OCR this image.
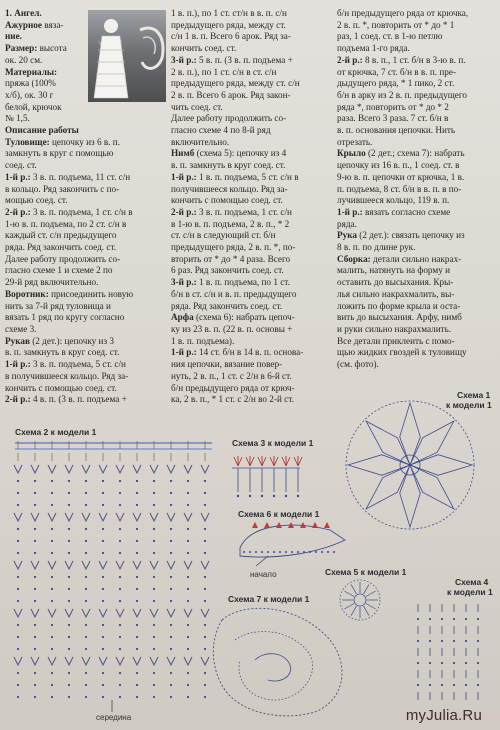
1. Ангел.
Ажурное вяза-
ние.
Размер: высота
ок. 20 см.
Материалы:
пряжа (100%
х/б), ок. 30 г
белой, крючок
№ 1,5.
Описание работы
Туловище: цепочку из 6 в. п.
замкнуть в круг с помощью
соед. ст.
1-й р.: 3 в. п. подъема, 11 ст. с/н
в кольцо. Ряд закончить с по-
мощью соед. ст.
2-й р.: 3 в. п. подъема, 1 ст. с/н в
1-ю в. п. подъема, по 2 ст. с/н в
каждый ст. с/н предыдущего
ряда. Ряд закончить соед. ст.
Далее работу продолжить со-
гласно схеме 1 и схеме 2 по
29-й ряд включительно.
Воротник: присоединить новую
нить за 7-й ряд туловища и
вязать 1 ряд по кругу согласно
схеме 3.
Рукав (2 дет.): цепочку из 3
в. п. замкнуть в круг соед. ст.
1-й р.: 3 в. п. подъема, 5 ст. с/н
в получившееся кольцо. Ряд за-
кончить с помощью соед. ст.
2-й р.: 4 в. п. (3 в. п. подъема +
1 в. п.), по 1 ст. ст/н в в. п. с/н
предыдущего ряда, между ст.
с/н 1 в. п. Всего 6 арок. Ряд за-
кончить соед. ст.
3-й р.: 5 в. п. (3 в. п. подъема +
2 в. п.), по 1 ст. с/н в ст. с/н
предыдущего ряда, между ст. с/н
2 в. п. Всего 6 арок. Ряд закон-
чить соед. ст.
Далее работу продолжить со-
гласно схеме 4 по 8-й ряд
включительно.
Нимб (схема 5): цепочку из 4
в. п. замкнуть в круг соед. ст.
1-й р.: 1 в. п. подъема, 5 ст. с/н в
получившееся кольцо. Ряд за-
кончить с помощью соед. ст.
2-й р.: 3 в. п. подъема, 1 ст. с/н
в 1-ю в. п. подъема, 2 в. п., * 2
ст. с/н в следующий ст. б/н
предыдущего ряда, 2 в. п. *, по-
вторить от * до * 4 раза. Всего
6 раз. Ряд закончить соед. ст.
3-й р.: 1 в. п. подъема, по 1 ст.
б/н в ст. с/н и в. п. предыдущего
ряда. Ряд закончить соед. ст.
Арфа (схема 6): набрать цепоч-
ку из 23 в. п. (22 в. п. основы +
1 в. п. подъема).
1-й р.: 14 ст. б/н в 14 в. п. основа-
ния цепочки, вязание повер-
нуть, 2 в. п., 1 ст. с 2/н в 6-й ст.
б/н предыдущего ряда от крюч-
ка, 2 в. п., * 1 ст. с 2/н во 2-й ст.
б/н предыдущего ряда от крючка,
2 в. п. *, повторить от * до * 1
раз, 1 соед. ст. в 1-ю петлю
подъема 1-го ряда.
2-й р.: 8 в. п., 1 ст. б/н в 3-ю в. п.
от крючка, 7 ст. б/н в в. п. пре-
дыдущего ряда, * 1 пико, 2 ст.
б/н в арку из 2 в. п. предыдущего
ряда *, повторить от * до * 2
раза. Всего 3 раза. 7 ст. б/н в
в. п. основания цепочки. Нить
отрезать.
Крыло (2 дет.; схема 7): набрать
цепочку из 16 в. п., 1 соед. ст. в
9-ю в. п. цепочки от крючка, 1 в.
п. подъема, 8 ст. б/н в в. п. в по-
лучившееся кольцо, 119 в. п.
1-й р.: вязать согласно схеме
ряда.
Рука (2 дет.): связать цепочку из
8 в. п. по длине рук.
Сборка: детали сильно накрах-
малить, натянуть на форму и
оставить до высыхания. Кры-
лья сильно накрахмалить, вы-
ложить по форме крыла и оста-
вить до высыхания. Арфу, нимб
и руки сильно накрахмалить.
Все детали приклеить с помо-
щью жидких гвоздей к туловищу
(см. фото).
Схема 2 к модели 1
Схема 3 к модели 1
Схема 6 к модели 1
Схема 7 к модели 1
Схема 5 к модели 1
Схема 1
к модели 1
Схема 4
к модели 1
начало
середина	myJulia.Ru
